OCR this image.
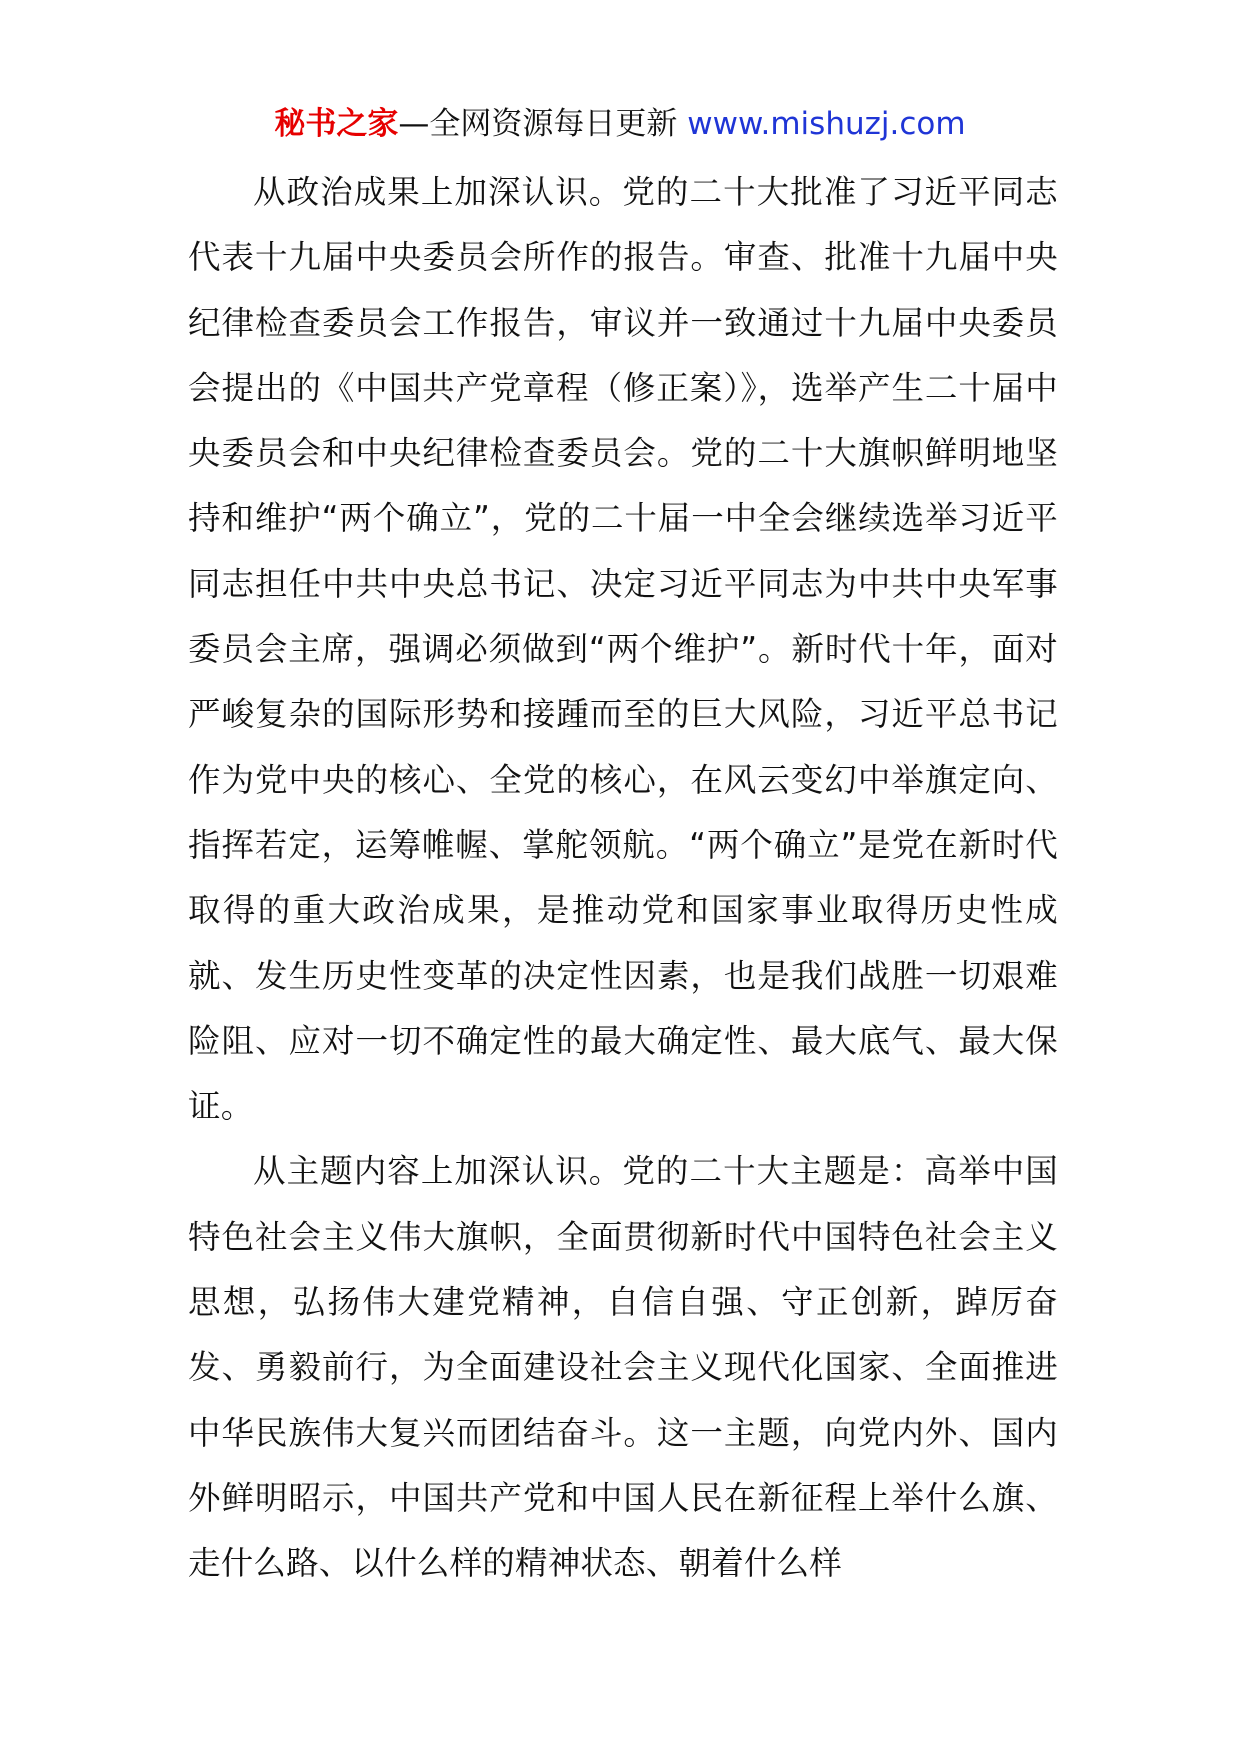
秘书之家—全网资源每日更新 www.mishuzj.com

从政治成果上加深认识。党的二十大批准了习近平同志代表十九届中央委员会所作的报告。审查、批准十九届中央纪律检查委员会工作报告，审议并一致通过十九届中央委员会提出的《中国共产党章程（修正案）》，选举产生二十届中央委员会和中央纪律检查委员会。党的二十大旗帜鲜明地坚持和维护“两个确立”，党的二十届一中全会继续选举习近平同志担任中共中央总书记、决定习近平同志为中共中央军事委员会主席，强调必须做到“两个维护”。新时代十年，面对严峻复杂的国际形势和接踵而至的巨大风险，习近平总书记作为党中央的核心、全党的核心，在风云变幻中举旗定向、指挥若定，运筹帷幄、掌舵领航。“两个确立”是党在新时代取得的重大政治成果，是推动党和国家事业取得历史性成就、发生历史性变革的决定性因素，也是我们战胜一切艰难险阻、应对一切不确定性的最大确定性、最大底气、最大保证。

从主题内容上加深认识。党的二十大主题是：高举中国特色社会主义伟大旗帜，全面贯彻新时代中国特色社会主义思想，弘扬伟大建党精神，自信自强、守正创新，踔厉奋发、勇毅前行，为全面建设社会主义现代化国家、全面推进中华民族伟大复兴而团结奋斗。这一主题，向党内外、国内外鲜明昭示，中国共产党和中国人民在新征程上举什么旗、走什么路、以什么样的精神状态、朝着什么样
